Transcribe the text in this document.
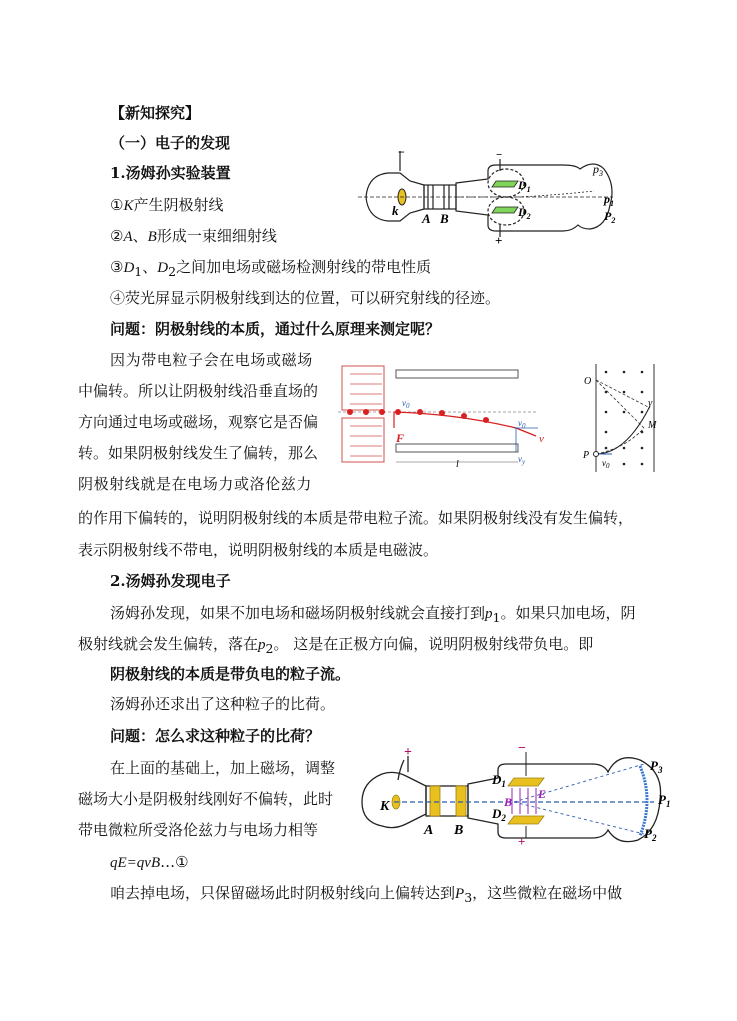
【新知探究】
（一）电子的发现
1.汤姆孙实验装置
①K产生阴极射线
②A、B形成一束细细射线
$③D_1$、$D_2$之间加电场或磁场检测射线的带电性质
④荧光屏显示阴极射线到达的位置，可以研究射线的径迹。
问题：阴极射线的本质，通过什么原理来测定呢？
因为带电粒子会在电场或磁场
中偏转。所以让阴极射线沿垂直场的
方向通过电场或磁场，观察它是否偏
转。如果阴极射线发生了偏转，那么
阴极射线就是在电场力或洛伦兹力
的作用下偏转的，说明阴极射线的本质是带电粒子流。如果阴极射线没有发生偏转，
表示阴极射线不带电，说明阴极射线的本质是电磁波。
2.汤姆孙发现电子
汤姆孙发现，如果不加电场和磁场阴极射线就会直接打到$p_1$。如果只加电场，阴
极射线就会发生偏转，落在$p_2$。 这是在正极方向偏，说明阴极射线带负电。即
阴极射线的本质是带负电的粒子流。
汤姆孙还求出了这种粒子的比荷。
问题：怎么求这种粒子的比荷？
在上面的基础上，加上磁场，调整
磁场大小是阴极射线刚好不偏转，此时
带电微粒所受洛伦兹力与电场力相等
qE=qvB…①
咱去掉电场，只保留磁场此时阴极射线向上偏转达到$P_3$，这些微粒在磁场中做
−	−
+
k
A B
$D_1$
$D_2$
$p_3$
$p_1$
$P_2$
$v_0$
F
l
$v_0$
$v_y$
v
O
M
v
P
$v_0$
+	−
+
K
A B
$D_1$
$D_2$
E
B
$P_3$
$P_1$
$P_2$
